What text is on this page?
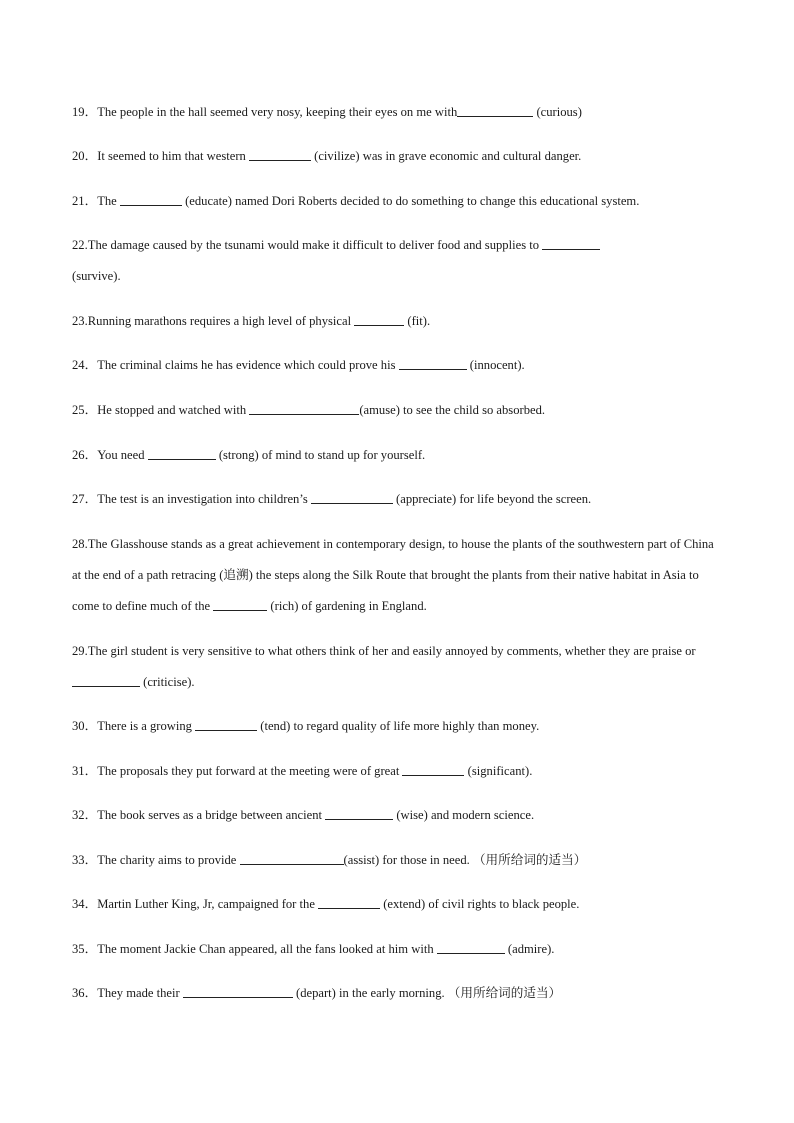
19．The people in the hall seemed very nosy, keeping their eyes on me with	(curious)
20．It seemed to him that western	(civilize) was in grave economic and cultural danger.
21．The	(educate) named Dori Roberts decided to do something to change this educational system.
22.The damage caused by the tsunami would make it difficult to deliver food and supplies to
(survive).
23.Running marathons requires a high level of physical	(fit).
24．The criminal claims he has evidence which could prove his	(innocent).
25．He stopped and watched with	(amuse) to see the child so absorbed.
26．You need	(strong) of mind to stand up for yourself.
27．The test is an investigation into children’s	(appreciate) for life beyond the screen.
28.The Glasshouse stands as a great achievement in contemporary design, to house the plants of the southwestern part of China at the end of a path retracing (追溯) the steps along the Silk Route that brought the plants from their native habitat in Asia to come to define much of the	(rich) of gardening in England.
29.The girl student is very sensitive to what others think of her and easily annoyed by comments, whether they are praise or  (criticise).
30．There is a growing	(tend) to regard quality of life more highly than money.
31．The proposals they put forward at the meeting were of great	(significant).
32．The book serves as a bridge between ancient	(wise) and modern science.
33．The charity aims to provide	(assist) for those in need. （用所给词的适当）
34．Martin Luther King, Jr, campaigned for the	(extend) of civil rights to black people.
35．The moment Jackie Chan appeared, all the fans looked at him with	(admire).
36．They made their	(depart) in the early morning. （用所给词的适当）
